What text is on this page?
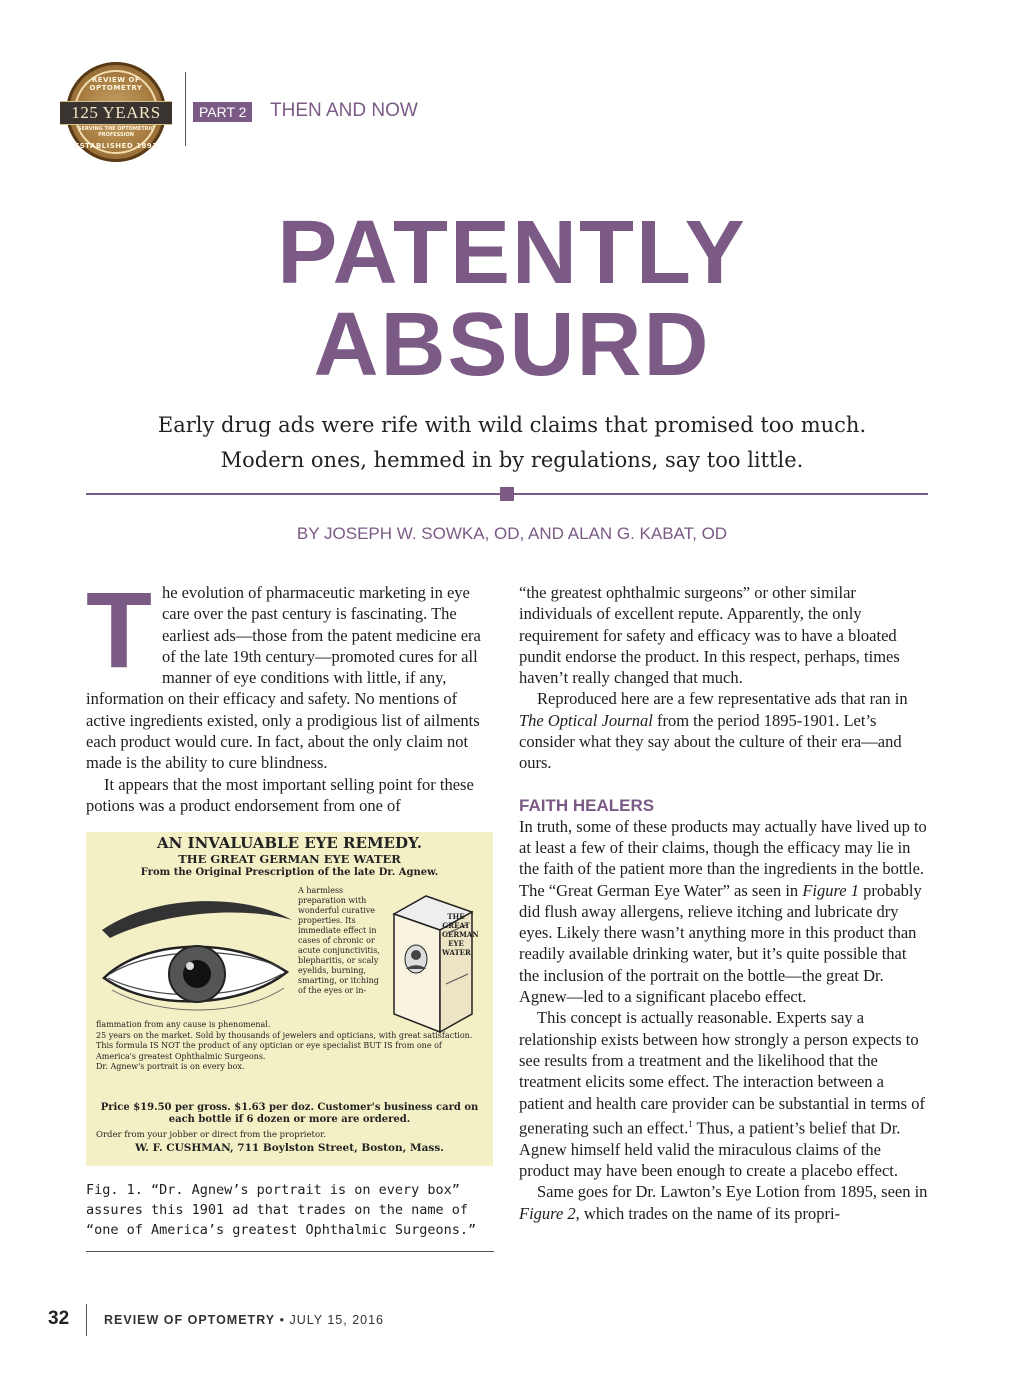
REVIEW OF OPTOMETRY
125 YEARS
SERVING THE OPTOMETRIC PROFESSION
ESTABLISHED 1891
PART 2	THEN AND NOW
PATENTLY
ABSURD
Early drug ads were rife with wild claims that promised too much.
Modern ones, hemmed in by regulations, say too little.
BY JOSEPH W. SOWKA, OD, AND ALAN G. KABAT, OD

The evolution of pharmaceutic marketing in eye care over the past century is fascinating. The earliest ads—those from the patent medicine era of the late 19th century—promoted cures for all manner of eye conditions with little, if any, information on their efficacy and safety. No mentions of active ingredients existed, only a prodigious list of ailments each product would cure. In fact, about the only claim not made is the ability to cure blindness.

It appears that the most important selling point for these potions was a product endorsement from one of

AN INVALUABLE EYE REMEDY.
THE GREAT GERMAN EYE WATER
From the Original Prescription of the late Dr. Agnew.
A harmless preparation with wonderful curative properties. Its immediate effect in cases of chronic or acute conjunctivitis, blepharitis, or scaly eyelids, burning, smarting, or itching of the eyes or in-
THE GREAT GERMAN EYE WATER
flammation from any cause is phenomenal.
25 years on the market. Sold by thousands of jewelers and opticians, with great satisfaction.
This formula IS NOT the product of any optician or eye specialist BUT IS from one of America's greatest Ophthalmic Surgeons.
Dr. Agnew's portrait is on every box.
Price $19.50 per gross. $1.63 per doz. Customer's business card on each bottle if 6 dozen or more are ordered.
Order from your jobber or direct from the proprietor.
W. F. CUSHMAN, 711 Boylston Street, Boston, Mass.
Fig. 1. “Dr. Agnew’s portrait is on every box” assures this 1901 ad that trades on the name of “one of America’s greatest Ophthalmic Surgeons.”

“the greatest ophthalmic surgeons” or other similar individuals of excellent repute. Apparently, the only requirement for safety and efficacy was to have a bloated pundit endorse the product. In this respect, perhaps, times haven’t really changed that much.

Reproduced here are a few representative ads that ran in The Optical Journal from the period 1895-1901. Let’s consider what they say about the culture of their era—and ours.

FAITH HEALERS

In truth, some of these products may actually have lived up to at least a few of their claims, though the efficacy may lie in the faith of the patient more than the ingredients in the bottle. The “Great German Eye Water” as seen in Figure 1 probably did flush away allergens, relieve itching and lubricate dry eyes. Likely there wasn’t anything more in this product than readily available drinking water, but it’s quite possible that the inclusion of the portrait on the bottle—the great Dr. Agnew—led to a significant placebo effect.

This concept is actually reasonable. Experts say a relationship exists between how strongly a person expects to see results from a treatment and the likelihood that the treatment elicits some effect. The interaction between a patient and health care provider can be substantial in terms of generating such an effect.$^1$ Thus, a patient’s belief that Dr. Agnew himself held valid the miraculous claims of the product may have been enough to create a placebo effect.

Same goes for Dr. Lawton’s Eye Lotion from 1895, seen in Figure 2, which trades on the name of its propri-

32	REVIEW OF OPTOMETRY • JULY 15, 2016
